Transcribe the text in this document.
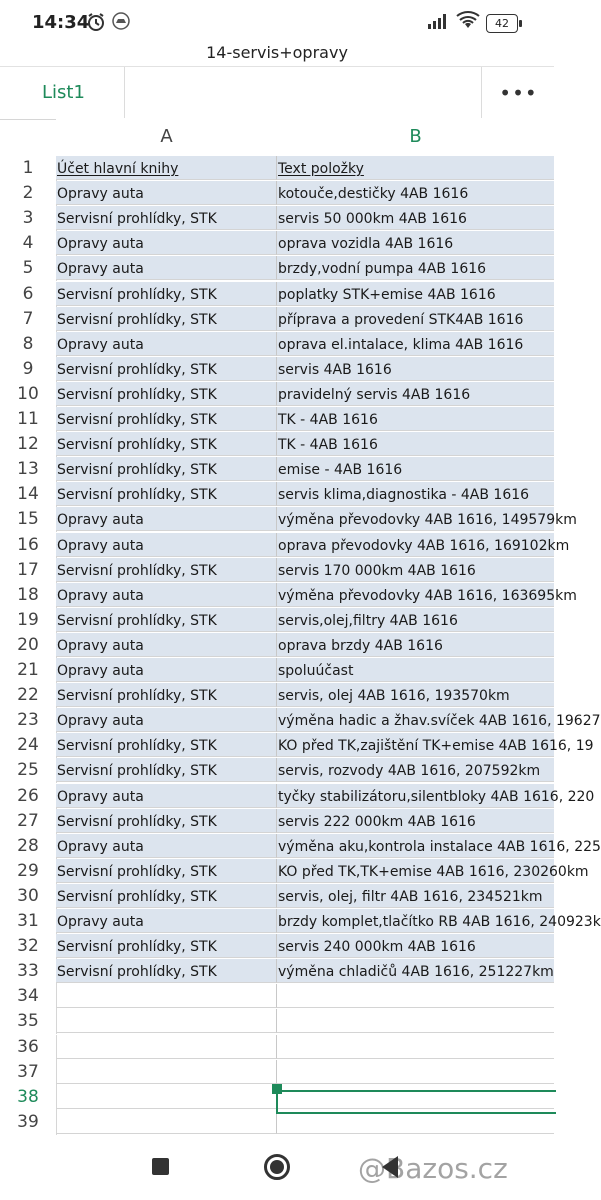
14:34	42
14-servis+opravy
List1	•••
A	B
1	Účet hlavní knihy	Text položky
2	Opravy auta	kotouče,destičky 4AB 1616
3	Servisní prohlídky, STK	servis 50 000km 4AB 1616
4	Opravy auta	oprava vozidla 4AB 1616
5	Opravy auta	brzdy,vodní pumpa 4AB 1616
6	Servisní prohlídky, STK	poplatky STK+emise 4AB 1616
7	Servisní prohlídky, STK	příprava a provedení STK4AB 1616
8	Opravy auta	oprava el.intalace, klima 4AB 1616
9	Servisní prohlídky, STK	servis 4AB 1616
10	Servisní prohlídky, STK	pravidelný servis 4AB 1616
11	Servisní prohlídky, STK	TK - 4AB 1616
12	Servisní prohlídky, STK	TK - 4AB 1616
13	Servisní prohlídky, STK	emise - 4AB 1616
14	Servisní prohlídky, STK	servis klima,diagnostika - 4AB 1616
15	Opravy auta	výměna převodovky 4AB 1616, 149579km
16	Opravy auta	oprava převodovky 4AB 1616, 169102km
17	Servisní prohlídky, STK	servis 170 000km 4AB 1616
18	Opravy auta	výměna převodovky 4AB 1616, 163695km
19	Servisní prohlídky, STK	servis,olej,filtry 4AB 1616
20	Opravy auta	oprava brzdy 4AB 1616
21	Opravy auta	spoluúčast
22	Servisní prohlídky, STK	servis, olej 4AB 1616, 193570km
23	Opravy auta	výměna hadic a žhav.svíček 4AB 1616, 19627
24	Servisní prohlídky, STK	KO před TK,zajištění TK+emise 4AB 1616, 19
25	Servisní prohlídky, STK	servis, rozvody 4AB 1616, 207592km
26	Opravy auta	tyčky stabilizátoru,silentbloky 4AB 1616, 220
27	Servisní prohlídky, STK	servis 222 000km 4AB 1616
28	Opravy auta	výměna aku,kontrola instalace 4AB 1616, 225
29	Servisní prohlídky, STK	KO před TK,TK+emise 4AB 1616, 230260km
30	Servisní prohlídky, STK	servis, olej, filtr 4AB 1616, 234521km
31	Opravy auta	brzdy komplet,tlačítko RB 4AB 1616, 240923k
32	Servisní prohlídky, STK	servis 240 000km 4AB 1616
33	Servisní prohlídky, STK	výměna chladičů 4AB 1616, 251227km
34
35
36
37
38
39
@Bazos.cz
